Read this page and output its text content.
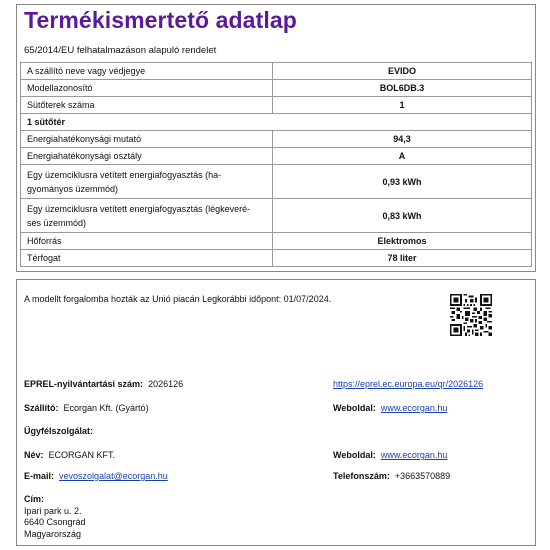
Termékismertető adatlap
65/2014/EU felhatalmazáson alapuló rendelet
A szállító neve vagy védjegye	EVIDO
Modellazonosító	BOL6DB.3
Sütőterek száma	1
1 sütőtér	
Energiahatékonysági mutató	94,3
Energiahatékonysági osztály	A

Egy üzemciklusra vetített energiafogyasztás (ha-
gyományos üzemmód)	0,93 kWh

Egy üzemciklusra vetített energiafogyasztás (légkeveré-
ses üzemmód)	0,83 kWh
Hőforrás	Elektromos
Térfogat	78 liter
A modellt forgalomba hozták az Unió piacán Legkorábbi időpont: 01/07/2024.
EPREL-nyilvántartási szám: 2026126	https://eprel.ec.europa.eu/qr/2026126
Szállító: Ecorgan Kft. (Gyártó)	Weboldal: www.ecorgan.hu
Ügyfélszolgálat:
Név: ECORGAN KFT.	Weboldal: www.ecorgan.hu
E-mail: vevoszolgalat@ecorgan.hu	Telefonszám: +3663570889
Cím:
Ipari park u. 2.
6640 Csongrád
Magyarország
